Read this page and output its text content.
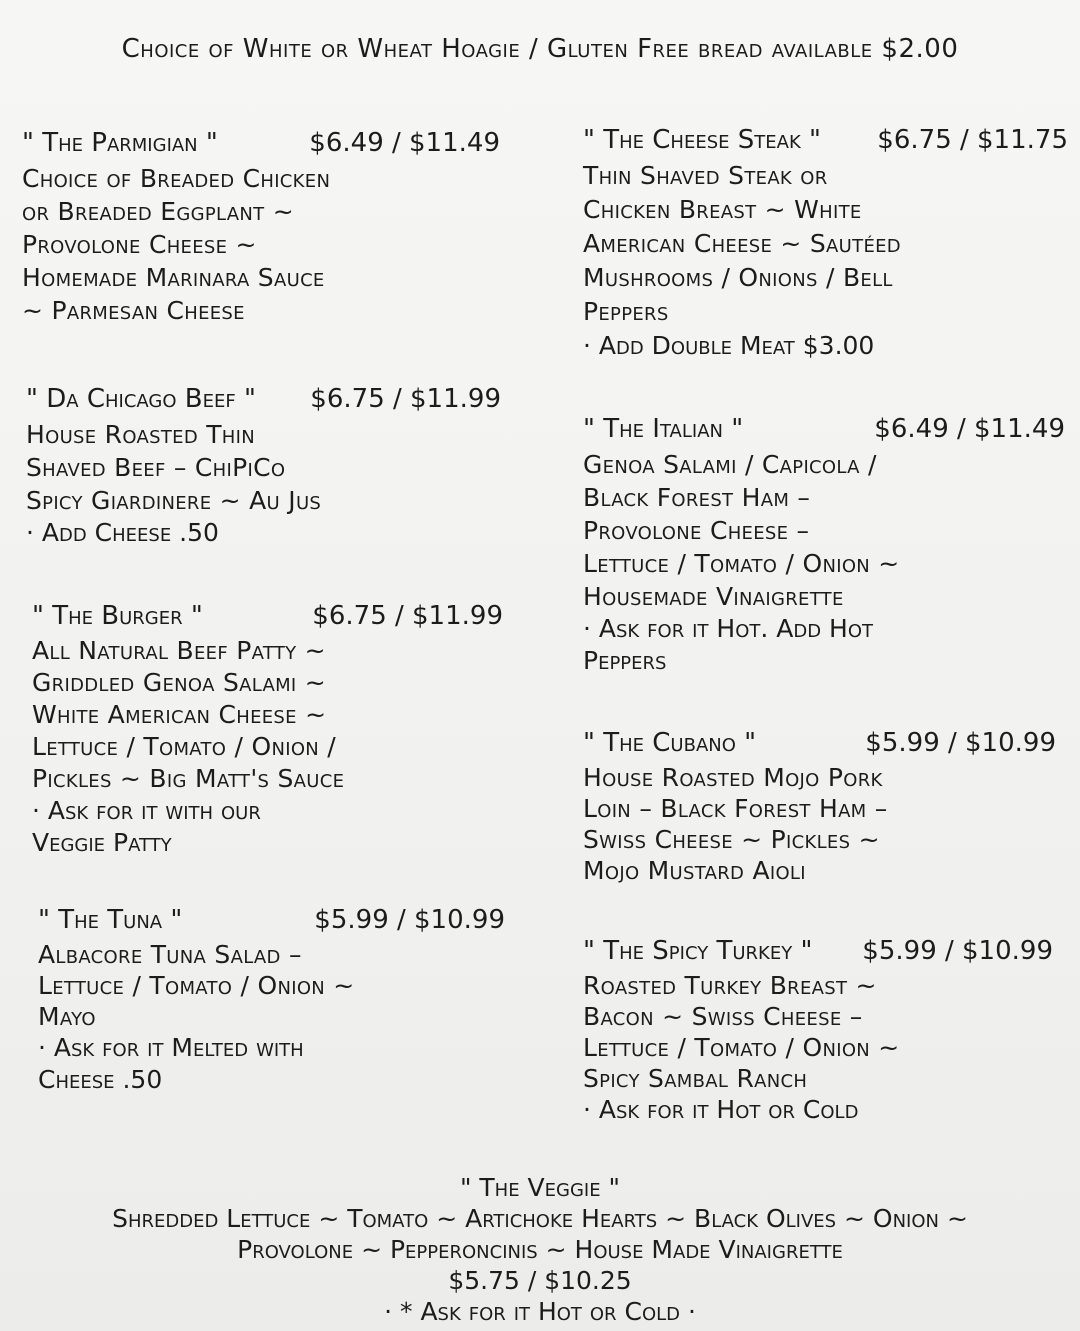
Choice of White or Wheat Hoagie / Gluten Free bread available $2.00
" The Parmigian "	$6.49 / $11.49
Choice of Breaded Chicken
or Breaded Eggplant ~
Provolone Cheese ~
Homemade Marinara Sauce
~ Parmesan Cheese
" Da Chicago Beef " $6.75 / $11.99
House Roasted Thin
Shaved Beef – ChiPiCo
Spicy Giardinere ~ Au Jus
· Add Cheese .50
" The Burger "	$6.75 / $11.99
All Natural Beef Patty ~
Griddled Genoa Salami ~
White American Cheese ~
Lettuce / Tomato / Onion /
Pickles ~ Big Matt's Sauce
· Ask for it with our
Veggie Patty
" The Tuna "	$5.99 / $10.99
Albacore Tuna Salad –
Lettuce / Tomato / Onion ~
Mayo
· Ask for it Melted with
Cheese .50
" The Cheese Steak " $6.75 / $11.75
Thin Shaved Steak or
Chicken Breast ~ White
American Cheese ~ Sautéed
Mushrooms / Onions / Bell
Peppers
· Add Double Meat $3.00
" The Italian "	$6.49 / $11.49
Genoa Salami / Capicola /
Black Forest Ham –
Provolone Cheese –
Lettuce / Tomato / Onion ~
Housemade Vinaigrette
· Ask for it Hot. Add Hot
Peppers
" The Cubano "	$5.99 / $10.99
House Roasted Mojo Pork
Loin – Black Forest Ham –
Swiss Cheese ~ Pickles ~
Mojo Mustard Aioli
" The Spicy Turkey " $5.99 / $10.99
Roasted Turkey Breast ~
Bacon ~ Swiss Cheese –
Lettuce / Tomato / Onion ~
Spicy Sambal Ranch
· Ask for it Hot or Cold
" The Veggie "
Shredded Lettuce ~ Tomato ~ Artichoke Hearts ~ Black Olives ~ Onion ~
Provolone ~ Pepperoncinis ~ House Made Vinaigrette
$5.75 / $10.25
· * Ask for it Hot or Cold ·
